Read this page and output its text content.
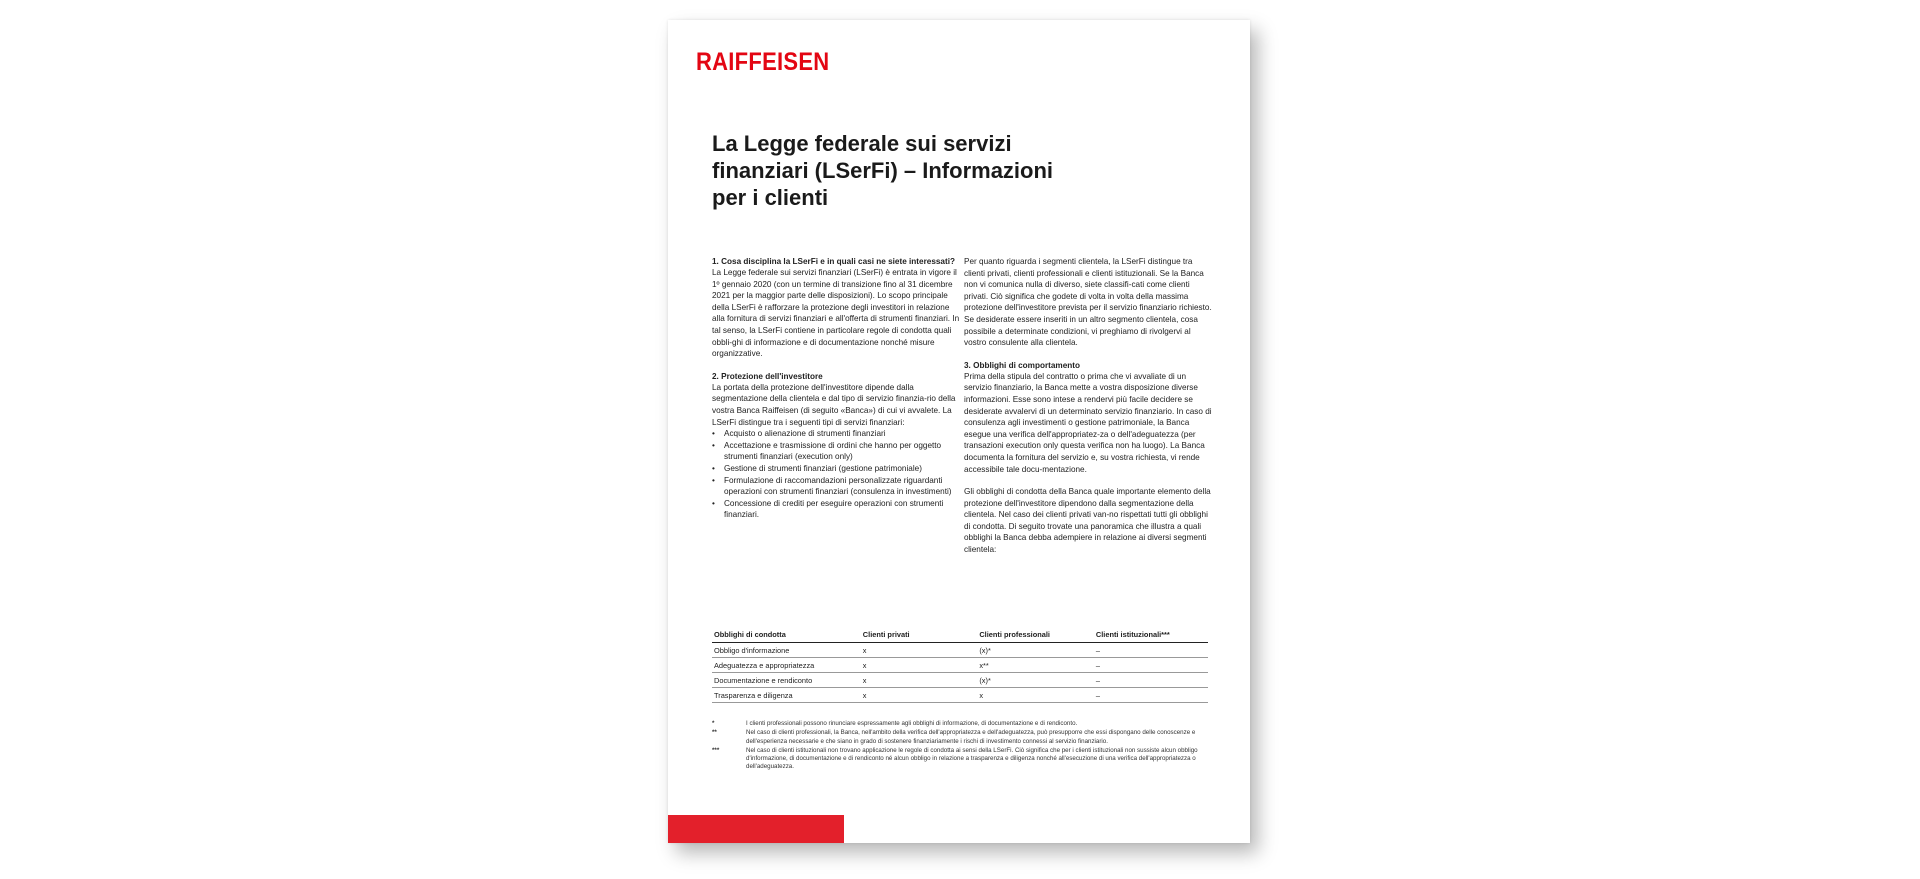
RAIFFEISEN
La Legge federale sui servizi finanziari (LSerFi) – Informazioni per i clienti
1. Cosa disciplina la LSerFi e in quali casi ne siete interessati?

La Legge federale sui servizi finanziari (LSerFi) è entrata in vigore il 1º gennaio 2020 (con un termine di transizione fino al 31 dicembre 2021 per la maggior parte delle disposizioni). Lo scopo principale della LSerFi è rafforzare la protezione degli investitori in relazione alla fornitura di servizi finanziari e all'offerta di strumenti finanziari. In tal senso, la LSerFi contiene in particolare regole di condotta quali obbli-ghi di informazione e di documentazione nonché misure organizzative.

2. Protezione dell'investitore

La portata della protezione dell'investitore dipende dalla segmentazione della clientela e dal tipo di servizio finanzia-rio della vostra Banca Raiffeisen (di seguito «Banca») di cui vi avvalete. La LSerFi distingue tra i seguenti tipi di servizi finanziari:

• Acquisto o alienazione di strumenti finanziari
• Accettazione e trasmissione di ordini che hanno per oggetto strumenti finanziari (execution only)
• Gestione di strumenti finanziari (gestione patrimoniale)
• Formulazione di raccomandazioni personalizzate riguardanti operazioni con strumenti finanziari (consulenza in investimenti)
• Concessione di crediti per eseguire operazioni con strumenti finanziari.

Per quanto riguarda i segmenti clientela, la LSerFi distingue tra clienti privati, clienti professionali e clienti istituzionali. Se la Banca non vi comunica nulla di diverso, siete classifi-cati come clienti privati. Ciò significa che godete di volta in volta della massima protezione dell'investitore prevista per il servizio finanziario richiesto. Se desiderate essere inseriti in un altro segmento clientela, cosa possibile a determinate condizioni, vi preghiamo di rivolgervi al vostro consulente alla clientela.

3. Obblighi di comportamento

Prima della stipula del contratto o prima che vi avvaliate di un servizio finanziario, la Banca mette a vostra disposizione diverse informazioni. Esse sono intese a rendervi più facile decidere se desiderate avvalervi di un determinato servizio finanziario. In caso di consulenza agli investimenti o gestione patrimoniale, la Banca esegue una verifica dell'appropriatez-za o dell'adeguatezza (per transazioni execution only questa verifica non ha luogo). La Banca documenta la fornitura del servizio e, su vostra richiesta, vi rende accessibile tale docu-mentazione.

Gli obblighi di condotta della Banca quale importante elemento della protezione dell'investitore dipendono dalla segmentazione della clientela. Nel caso dei clienti privati van-no rispettati tutti gli obblighi di condotta. Di seguito trovate una panoramica che illustra a quali obblighi la Banca debba adempiere in relazione ai diversi segmenti clientela:

Obblighi di condotta	Clienti privati	Clienti professionali	Clienti istituzionali***
Obbligo d'informazione	x	(x)*	–
Adeguatezza e appropriatezza	x	x**	–
Documentazione e rendiconto	x	(x)*	–
Trasparenza e diligenza	x	x	–
*	I clienti professionali possono rinunciare espressamente agli obblighi di informazione, di documentazione e di rendiconto.
**	Nel caso di clienti professionali, la Banca, nell'ambito della verifica dell'appropriatezza e dell'adeguatezza, può presupporre che essi dispongano delle conoscenze e dell'esperienza necessarie e che siano in grado di sostenere finanziariamente i rischi di investimento connessi al servizio finanziario.
***	Nel caso di clienti istituzionali non trovano applicazione le regole di condotta ai sensi della LSerFi. Ciò significa che per i clienti istituzionali non sussiste alcun obbligo d'informazione, di documentazione e di rendiconto né alcun obbligo in relazione a trasparenza e diligenza nonché all'esecuzione di una verifica dell'appropriatezza o dell'adeguatezza.
